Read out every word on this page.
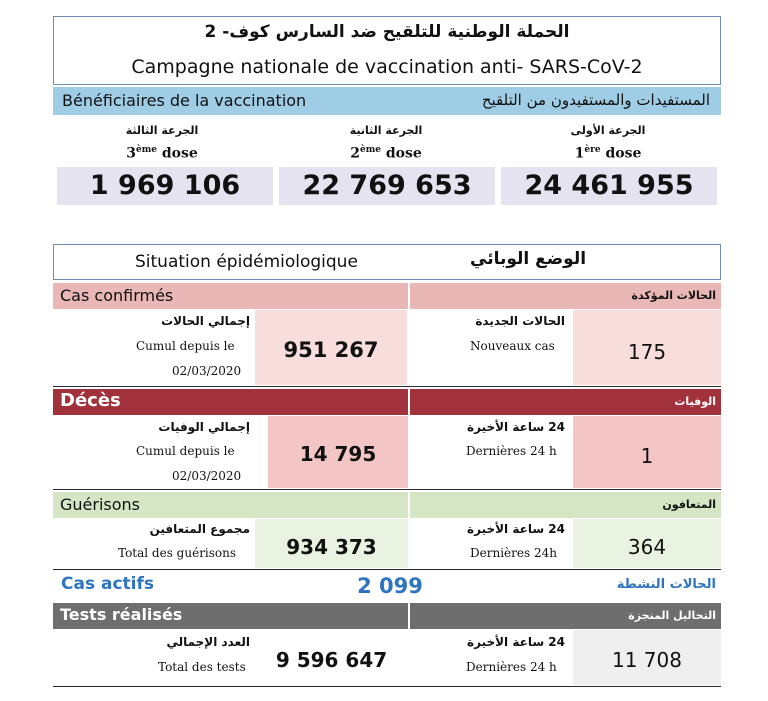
الحملة الوطنية للتلقيح ضد السارس كوف- 2
Campagne nationale de vaccination anti- SARS-CoV-2
Bénéficiaires de la vaccination	المستفيدات والمستفيدون من التلقيح
الجرعة الأولى
1ère dose
24 461 955
الجرعة الثانية
2ème dose
22 769 653
الجرعة الثالثة
3ème dose
1 969 106
Situation épidémiologique	الوضع الوبائي
Cas confirmés	الحالات المؤكدة
إجمالي الحالات
Cumul depuis le
02/03/2020
951 267
الحالات الجديدة
Nouveaux cas	175
Décès	الوفيات
إجمالي الوفيات
Cumul depuis le
02/03/2020
14 795
24 ساعة الأخيرة
Dernières 24 h	1
Guérisons	المتعافون
مجموع المتعافين
Total des guérisons	934 373
24 ساعة الأخيرة
Dernières 24h	364
Cas actifs	2 099	الحالات النشطة
Tests réalisés	التحاليل المنجزة
العدد الإجمالي
Total des tests	9 596 647
24 ساعة الأخيرة
Dernières 24 h	11 708
